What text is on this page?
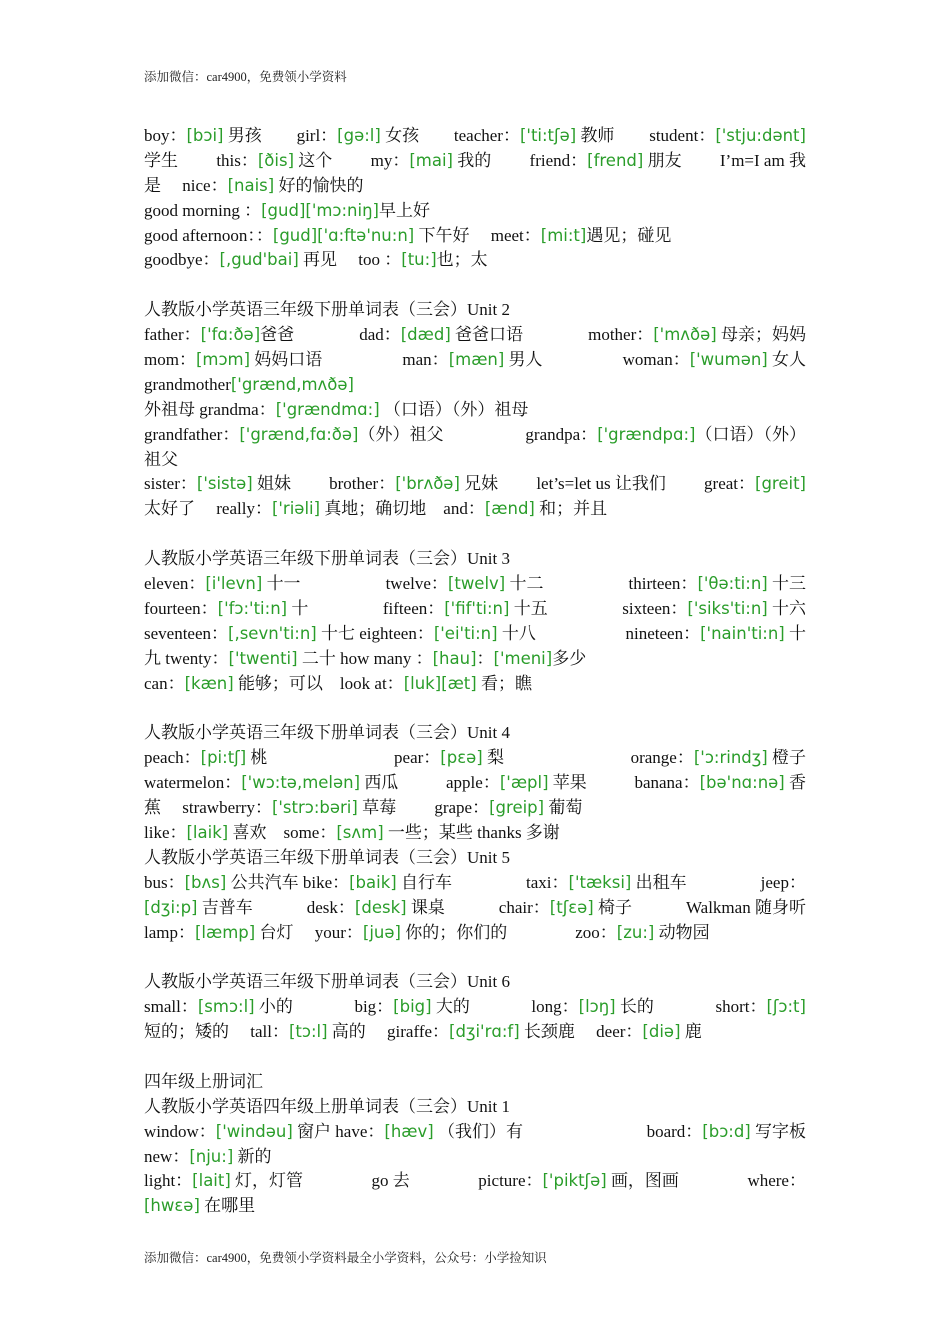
添加微信：car4900，免费领小学资料
boy：[bɔi] 男孩 girl：[gə:l] 女孩 teacher：['ti:tʃə] 教师 student：['stju:dənt]
学生 this：[ðis] 这个 my：[mai] 我的 friend：[frend] 朋友 I’m=I am 我
是　 nice：[nais] 好的愉快的
good morning ：[gud]['mɔ:niŋ]早上好
good afternoon：：[gud]['ɑ:ftə'nu:n] 下午好　 meet：[mi:t]遇见；碰见
goodbye：[,gud'bai] 再见　 too ：[tu:]也；太
人教版小学英语三年级下册单词表（三会）Unit 2
father：['fɑ:ðə]爸爸	dad：[dæd] 爸爸口语	mother：['mʌðə] 母亲；妈妈
mom：[mɔm] 妈妈口语	man：[mæn] 男人	woman：['wumən] 女人
grandmother['grænd,mʌðə]
外祖母 grandma：['grændmɑ:] （口语）（外）祖母
grandfather：['grænd,fɑ:ðə]（外）祖父	grandpa：['grændpɑ:]（口语）（外）
祖父
sister：['sistə] 姐妹 brother：['brʌðə] 兄妹 let’s=let us 让我们 great：[greit]
太好了　 really：['riəli] 真地；确切地　and：[ænd] 和；并且
人教版小学英语三年级下册单词表（三会）Unit 3
eleven：[i'levn] 十一	twelve：[twelv] 十二	thirteen：['θə:ti:n] 十三
fourteen：['fɔ:'ti:n] 十	fifteen：['fif'ti:n] 十五	sixteen：['siks'ti:n] 十六
seventeen：[,sevn'ti:n] 十七 eighteen：['ei'ti:n] 十八	nineteen：['nain'ti:n] 十
九 twenty：['twenti] 二十 how many ：[hau]：['meni]多少
can：[kæn] 能够；可以　look at：[luk][æt] 看；瞧
人教版小学英语三年级下册单词表（三会）Unit 4
peach：[pi:tʃ] 桃	pear：[pɛə] 梨	orange：['ɔ:rindʒ] 橙子
watermelon：['wɔ:tə,melən] 西瓜	apple：['æpl] 苹果	banana：[bə'nɑ:nə] 香
蕉　 strawberry：['strɔ:bəri] 草莓　　 grape：[greip] 葡萄
like：[laik] 喜欢　some：[sʌm] 一些；某些 thanks 多谢
人教版小学英语三年级下册单词表（三会）Unit 5
bus：[bʌs] 公共汽车 bike：[baik] 自行车	taxi：['tæksi] 出租车	jeep：
[dʒi:p] 吉普车	desk：[desk] 课桌	chair：[tʃɛə] 椅子	Walkman 随身听
lamp：[læmp] 台灯　 your：[juə] 你的；你们的　　　　zoo：[zu:] 动物园
人教版小学英语三年级下册单词表（三会）Unit 6
small：[smɔ:l] 小的	big：[big] 大的	long：[lɔŋ] 长的	short：[ʃɔ:t]
短的；矮的　 tall：[tɔ:l] 高的　 giraffe：[dʒi'rɑ:f] 长颈鹿　 deer：[diə] 鹿
四年级上册词汇
人教版小学英语四年级上册单词表（三会）Unit 1
window：['windəu] 窗户 have：[hæv] （我们）有	board：[bɔ:d] 写字板
new：[nju:] 新的
light：[lait] 灯，灯管	go 去	picture：['piktʃə] 画，图画	where：
[hwεə] 在哪里
添加微信：car4900，免费领小学资料最全小学资料，公众号：小学捡知识
